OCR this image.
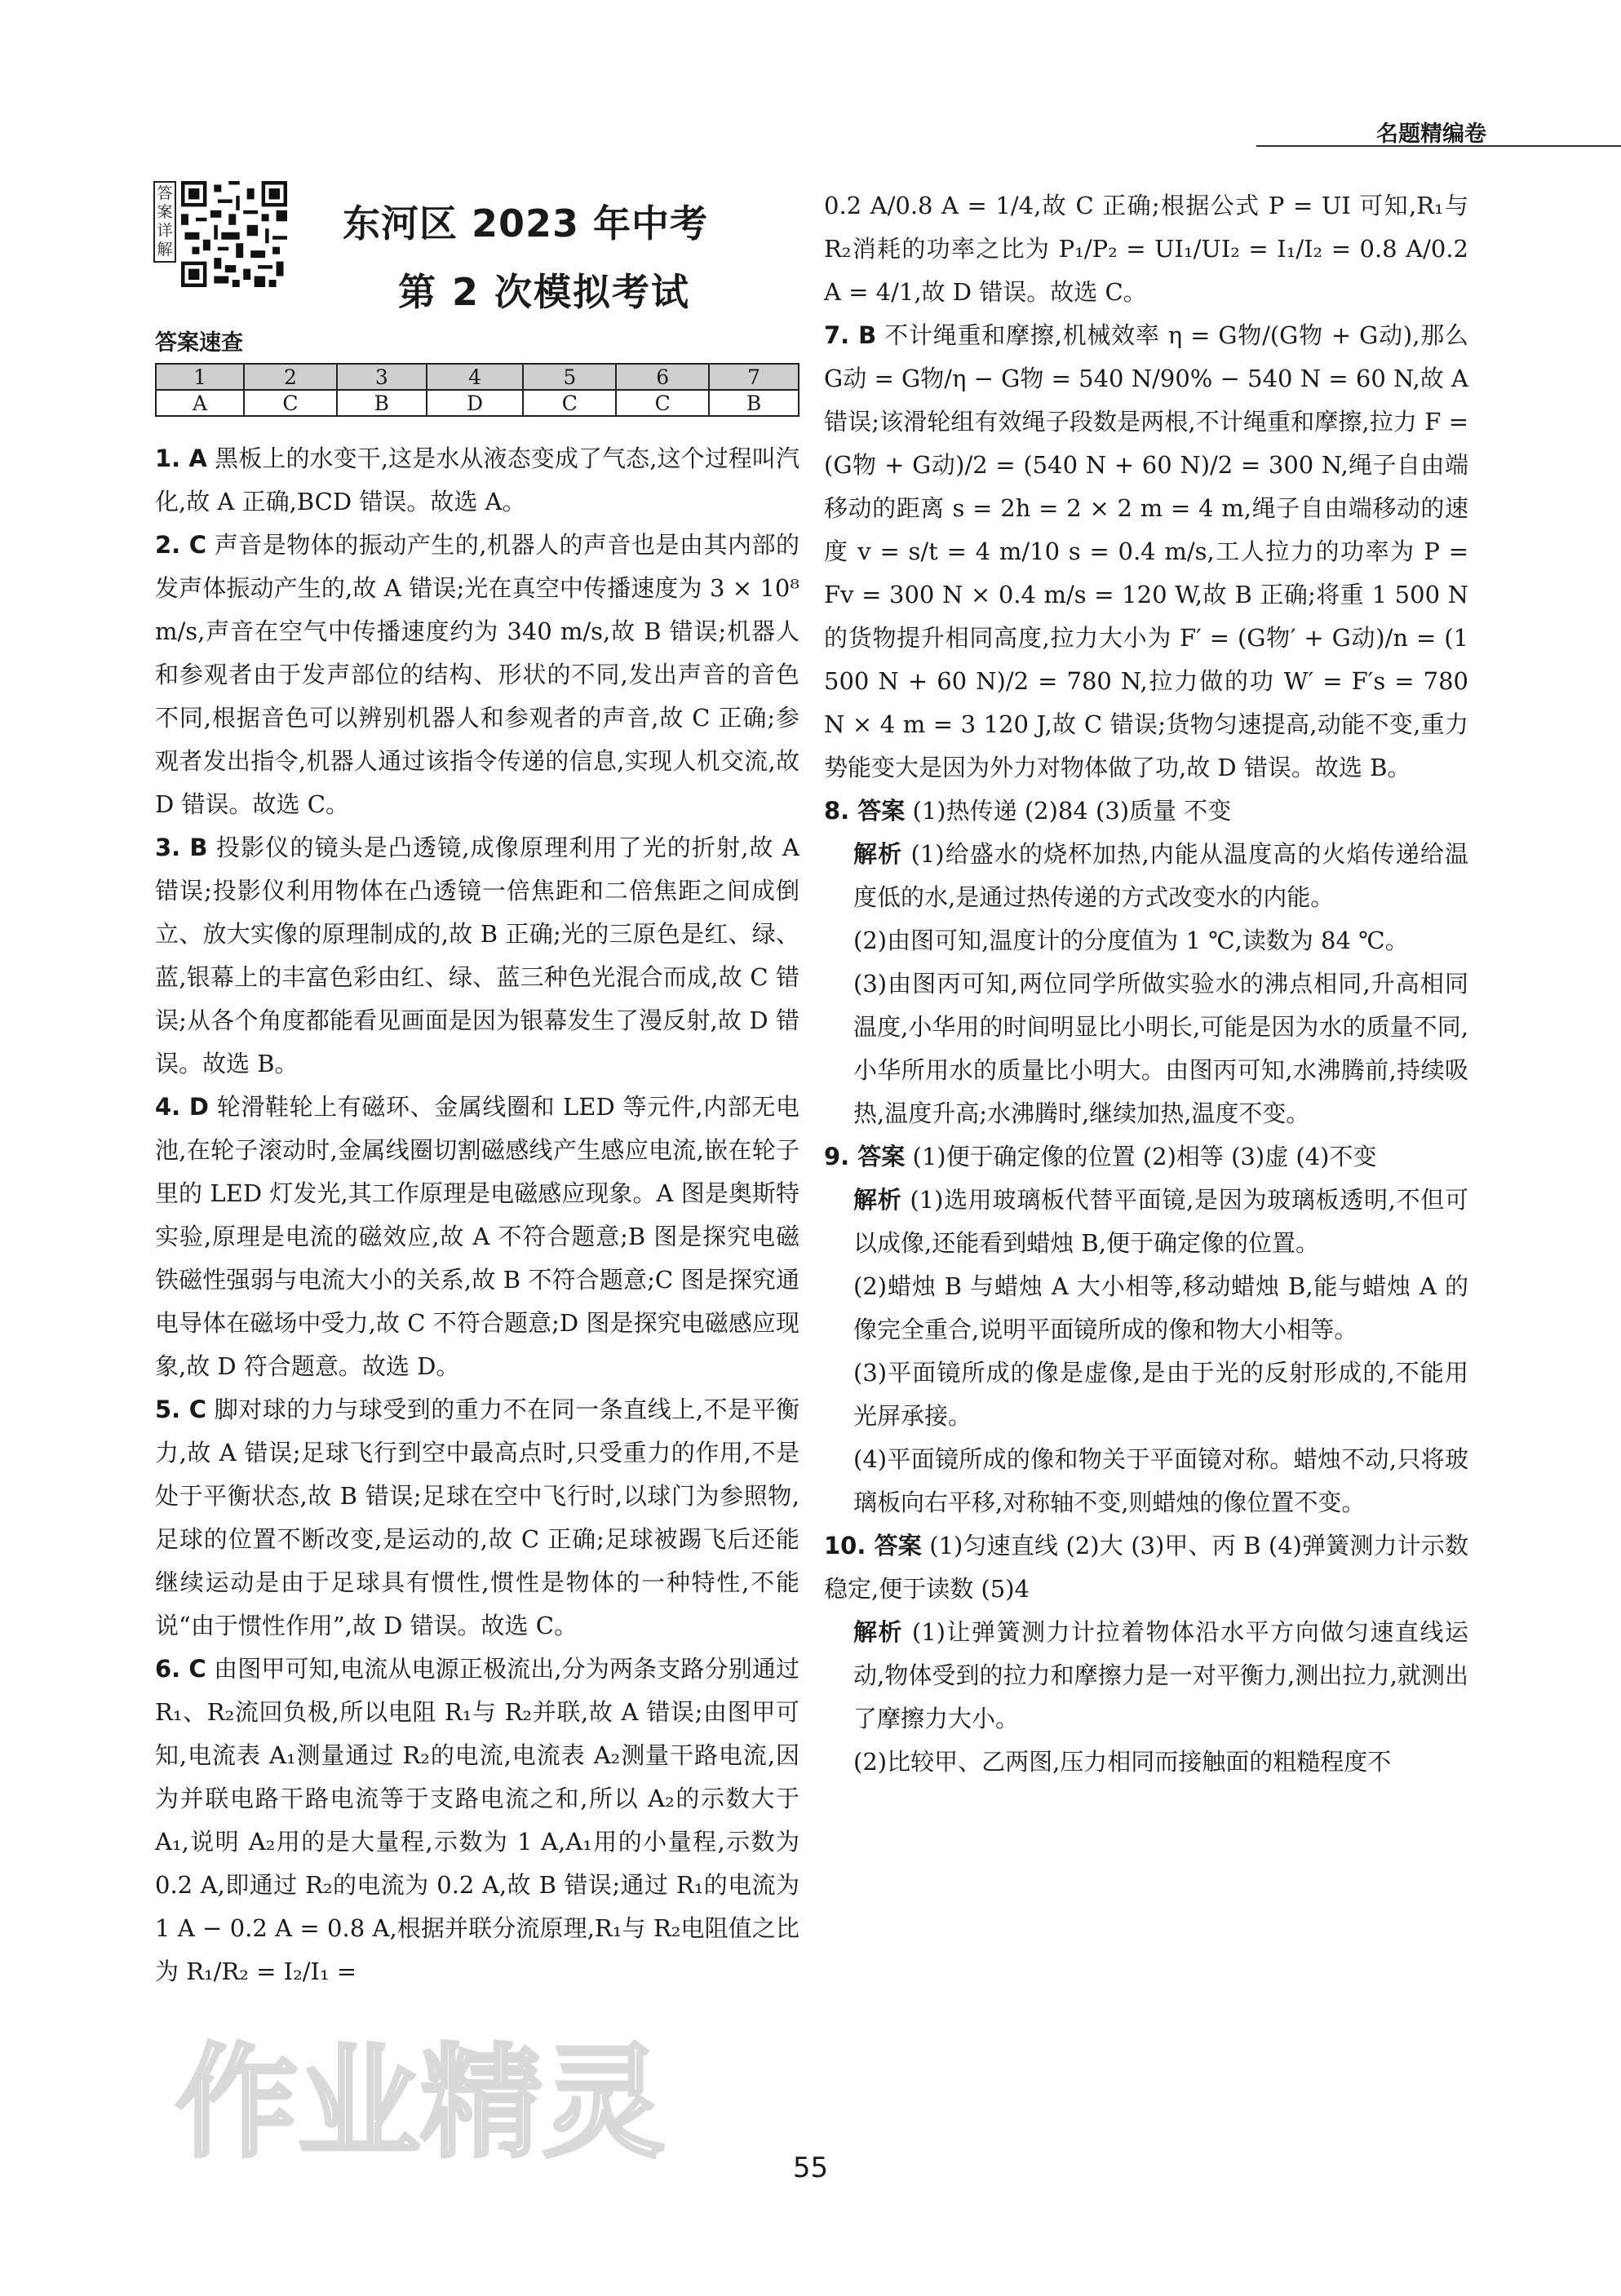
名题精编卷
答
案
详
解
东河区 2023 年中考
第 2 次模拟考试
答案速查
1	2	3	4	5	6	7
A	C	B	D	C	C	B

1. A 黑板上的水变干,这是水从液态变成了气态,这个过程叫汽化,故 A 正确,BCD 错误。故选 A。

2. C 声音是物体的振动产生的,机器人的声音也是由其内部的发声体振动产生的,故 A 错误;光在真空中传播速度为 3 × 10⁸ m/s,声音在空气中传播速度约为 340 m/s,故 B 错误;机器人和参观者由于发声部位的结构、形状的不同,发出声音的音色不同,根据音色可以辨别机器人和参观者的声音,故 C 正确;参观者发出指令,机器人通过该指令传递的信息,实现人机交流,故 D 错误。故选 C。

3. B 投影仪的镜头是凸透镜,成像原理利用了光的折射,故 A 错误;投影仪利用物体在凸透镜一倍焦距和二倍焦距之间成倒立、放大实像的原理制成的,故 B 正确;光的三原色是红、绿、蓝,银幕上的丰富色彩由红、绿、蓝三种色光混合而成,故 C 错误;从各个角度都能看见画面是因为银幕发生了漫反射,故 D 错误。故选 B。

4. D 轮滑鞋轮上有磁环、金属线圈和 LED 等元件,内部无电池,在轮子滚动时,金属线圈切割磁感线产生感应电流,嵌在轮子里的 LED 灯发光,其工作原理是电磁感应现象。A 图是奥斯特实验,原理是电流的磁效应,故 A 不符合题意;B 图是探究电磁铁磁性强弱与电流大小的关系,故 B 不符合题意;C 图是探究通电导体在磁场中受力,故 C 不符合题意;D 图是探究电磁感应现象,故 D 符合题意。故选 D。

5. C 脚对球的力与球受到的重力不在同一条直线上,不是平衡力,故 A 错误;足球飞行到空中最高点时,只受重力的作用,不是处于平衡状态,故 B 错误;足球在空中飞行时,以球门为参照物,足球的位置不断改变,是运动的,故 C 正确;足球被踢飞后还能继续运动是由于足球具有惯性,惯性是物体的一种特性,不能说“由于惯性作用”,故 D 错误。故选 C。

6. C 由图甲可知,电流从电源正极流出,分为两条支路分别通过 R₁、R₂流回负极,所以电阻 R₁与 R₂并联,故 A 错误;由图甲可知,电流表 A₁测量通过 R₂的电流,电流表 A₂测量干路电流,因为并联电路干路电流等于支路电流之和,所以 A₂的示数大于 A₁,说明 A₂用的是大量程,示数为 1 A,A₁用的小量程,示数为 0.2 A,即通过 R₂的电流为 0.2 A,故 B 错误;通过 R₁的电流为 1 A − 0.2 A = 0.8 A,根据并联分流原理,R₁与 R₂电阻值之比为 R₁/R₂ = I₂/I₁ =

0.2 A/0.8 A = 1/4,故 C 正确;根据公式 P = UI 可知,R₁与 R₂消耗的功率之比为 P₁/P₂ = UI₁/UI₂ = I₁/I₂ = 0.8 A/0.2 A = 4/1,故 D 错误。故选 C。

7. B 不计绳重和摩擦,机械效率 η = G物/(G物 + G动),那么 G动 = G物/η − G物 = 540 N/90% − 540 N = 60 N,故 A 错误;该滑轮组有效绳子段数是两根,不计绳重和摩擦,拉力 F = (G物 + G动)/2 = (540 N + 60 N)/2 = 300 N,绳子自由端移动的距离 s = 2h = 2 × 2 m = 4 m,绳子自由端移动的速度 v = s/t = 4 m/10 s = 0.4 m/s,工人拉力的功率为 P = Fv = 300 N × 0.4 m/s = 120 W,故 B 正确;将重 1 500 N 的货物提升相同高度,拉力大小为 F′ = (G物′ + G动)/n = (1 500 N + 60 N)/2 = 780 N,拉力做的功 W′ = F′s = 780 N × 4 m = 3 120 J,故 C 错误;货物匀速提高,动能不变,重力势能变大是因为外力对物体做了功,故 D 错误。故选 B。

8. 答案 (1)热传递 (2)84 (3)质量 不变

解析 (1)给盛水的烧杯加热,内能从温度高的火焰传递给温度低的水,是通过热传递的方式改变水的内能。

(2)由图可知,温度计的分度值为 1 ℃,读数为 84 ℃。

(3)由图丙可知,两位同学所做实验水的沸点相同,升高相同温度,小华用的时间明显比小明长,可能是因为水的质量不同,小华所用水的质量比小明大。由图丙可知,水沸腾前,持续吸热,温度升高;水沸腾时,继续加热,温度不变。

9. 答案 (1)便于确定像的位置 (2)相等 (3)虚 (4)不变

解析 (1)选用玻璃板代替平面镜,是因为玻璃板透明,不但可以成像,还能看到蜡烛 B,便于确定像的位置。

(2)蜡烛 B 与蜡烛 A 大小相等,移动蜡烛 B,能与蜡烛 A 的像完全重合,说明平面镜所成的像和物大小相等。

(3)平面镜所成的像是虚像,是由于光的反射形成的,不能用光屏承接。

(4)平面镜所成的像和物关于平面镜对称。蜡烛不动,只将玻璃板向右平移,对称轴不变,则蜡烛的像位置不变。

10. 答案 (1)匀速直线 (2)大 (3)甲、丙 B (4)弹簧测力计示数稳定,便于读数 (5)4

解析 (1)让弹簧测力计拉着物体沿水平方向做匀速直线运动,物体受到的拉力和摩擦力是一对平衡力,测出拉力,就测出了摩擦力大小。

(2)比较甲、乙两图,压力相同而接触面的粗糙程度不

作业精灵	55
